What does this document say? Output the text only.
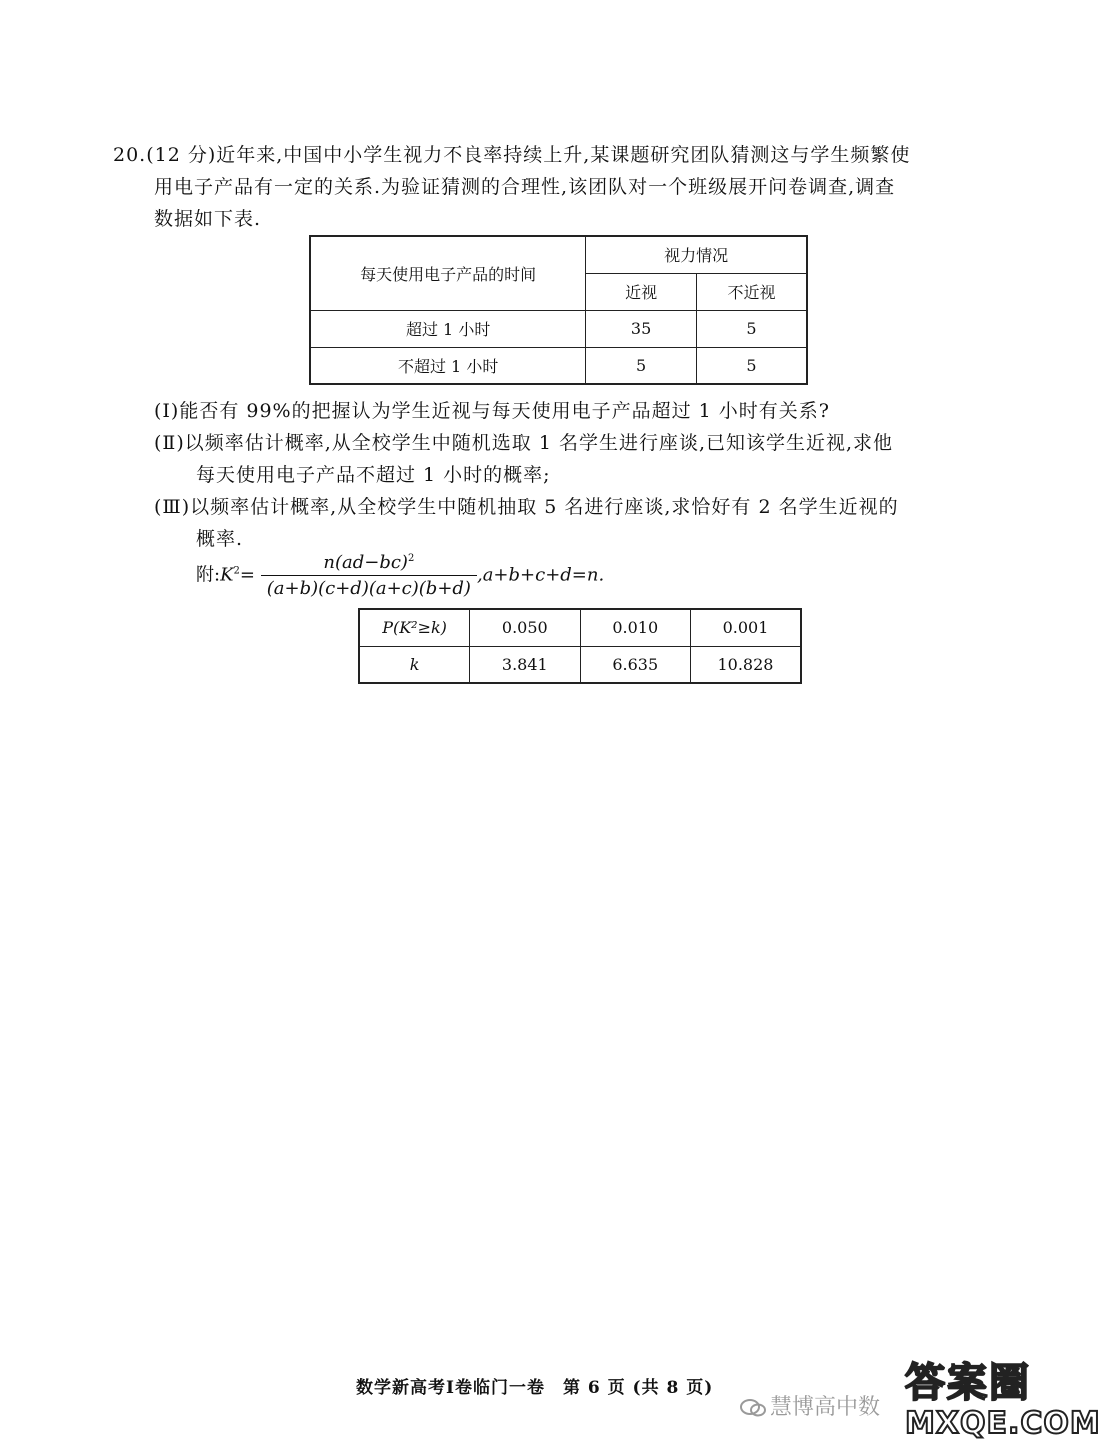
20.(12 分)近年来,中国中小学生视力不良率持续上升,某课题研究团队猜测这与学生频繁使
用电子产品有一定的关系.为验证猜测的合理性,该团队对一个班级展开问卷调查,调查
数据如下表.
每天使用电子产品的时间	视力情况	
	近视	不近视
超过 1 小时	35	5
不超过 1 小时	5	5
(Ⅰ)能否有 99%的把握认为学生近视与每天使用电子产品超过 1 小时有关系?
(Ⅱ)以频率估计概率,从全校学生中随机选取 1 名学生进行座谈,已知该学生近视,求他
每天使用电子产品不超过 1 小时的概率;
(Ⅲ)以频率估计概率,从全校学生中随机抽取 5 名进行座谈,求恰好有 2 名学生近视的
概率.
附$:K^2= \frac{n(ad-bc)^2}{(a+b)(c+d)(a+c)(b+d)} ,a+b+c+d=n$.
P(K²≥k)	0.050	0.010	0.001
k	3.841	6.635	10.828
数学新高考Ⅰ卷临门一卷　第 6 页 (共 8 页)
慧博高中数
答案圈
MXQE.COM
